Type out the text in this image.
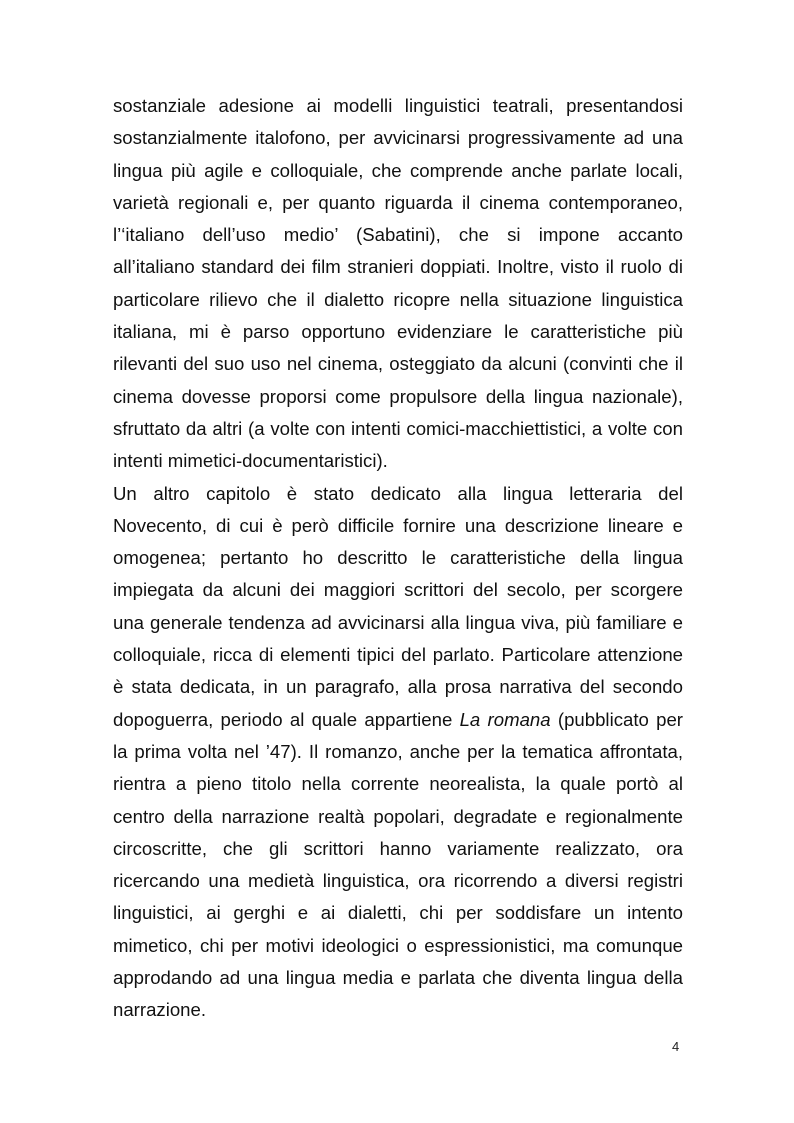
sostanziale adesione ai modelli linguistici teatrali, presentandosi
sostanzialmente italofono, per avvicinarsi progressivamente ad una
lingua più agile e colloquiale, che comprende anche parlate locali,
varietà regionali e, per quanto riguarda il cinema contemporaneo,
l’‘italiano dell’uso medio’ (Sabatini), che si impone accanto
all’italiano standard dei film stranieri doppiati. Inoltre, visto il ruolo di
particolare rilievo che il dialetto ricopre nella situazione linguistica
italiana, mi è parso opportuno evidenziare le caratteristiche più
rilevanti del suo uso nel cinema, osteggiato da alcuni (convinti che il
cinema dovesse proporsi come propulsore della lingua nazionale),
sfruttato da altri (a volte con intenti comici-macchiettistici, a volte con
intenti mimetici-documentaristici).
Un altro capitolo è stato dedicato alla lingua letteraria del
Novecento, di cui è però difficile fornire una descrizione lineare e
omogenea; pertanto ho descritto le caratteristiche della lingua
impiegata da alcuni dei maggiori scrittori del secolo, per scorgere
una generale tendenza ad avvicinarsi alla lingua viva, più familiare e
colloquiale, ricca di elementi tipici del parlato. Particolare attenzione
è stata dedicata, in un paragrafo, alla prosa narrativa del secondo
dopoguerra, periodo al quale appartiene La romana (pubblicato per
la prima volta nel ’47). Il romanzo, anche per la tematica affrontata,
rientra a pieno titolo nella corrente neorealista, la quale portò al
centro della narrazione realtà popolari, degradate e regionalmente
circoscritte, che gli scrittori hanno variamente realizzato, ora
ricercando una medietà linguistica, ora ricorrendo a diversi registri
linguistici, ai gerghi e ai dialetti, chi per soddisfare un intento
mimetico, chi per motivi ideologici o espressionistici, ma comunque
approdando ad una lingua media e parlata che diventa lingua della
narrazione.
4
